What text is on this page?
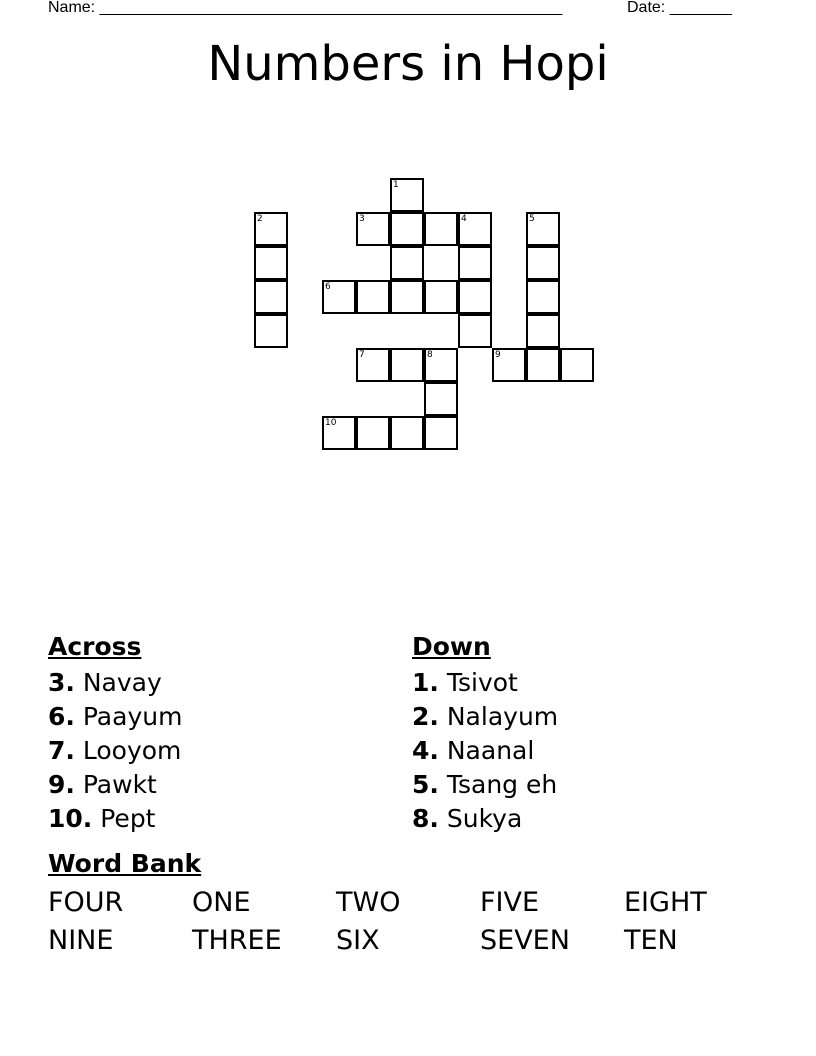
Name: ____________________________________________________	Date: _______
Numbers in Hopi
1
2	3	4	5
6
7	8	9
10
Across
3. Navay
6. Paayum
7. Looyom
9. Pawkt
10. Pept
Down
1. Tsivot
2. Nalayum
4. Naanal
5. Tsang eh
8. Sukya
Word Bank
FOUR	ONE	TWO	FIVE	EIGHT
NINE	THREE	SIX	SEVEN	TEN
